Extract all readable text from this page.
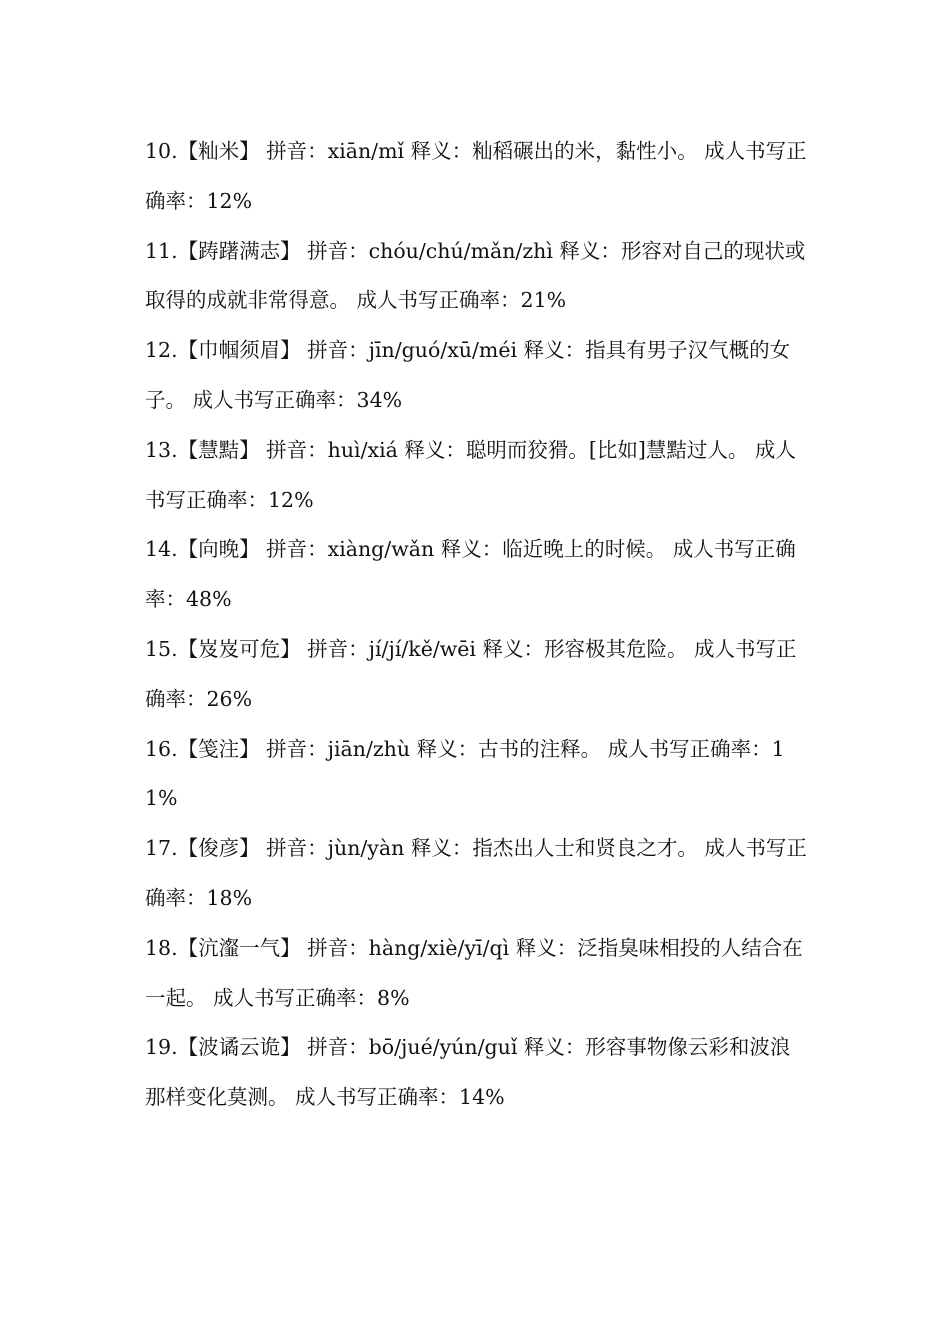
10.【籼米】 拼音：xiān/mǐ 释义：籼稻碾出的米，黏性小。 成人书写正确率：12%

11.【踌躇满志】 拼音：chóu/chú/mǎn/zhì 释义：形容对自己的现状或取得的成就非常得意。 成人书写正确率：21%

12.【巾帼须眉】 拼音：jīn/guó/xū/méi 释义：指具有男子汉气概的女子。 成人书写正确率：34%

13.【慧黠】 拼音：huì/xiá 释义：聪明而狡猾。[比如]慧黠过人。 成人书写正确率：12%

14.【向晚】 拼音：xiàng/wǎn 释义：临近晚上的时候。 成人书写正确率：48%

15.【岌岌可危】 拼音：jí/jí/kě/wēi 释义：形容极其危险。 成人书写正确率：26%

16.【笺注】 拼音：jiān/zhù 释义：古书的注释。 成人书写正确率：11%

17.【俊彦】 拼音：jùn/yàn 释义：指杰出人士和贤良之才。 成人书写正确率：18%

18.【沆瀣一气】 拼音：hàng/xiè/yī/qì 释义：泛指臭味相投的人结合在一起。 成人书写正确率：8%

19.【波谲云诡】 拼音：bō/jué/yún/guǐ 释义：形容事物像云彩和波浪那样变化莫测。 成人书写正确率：14%
